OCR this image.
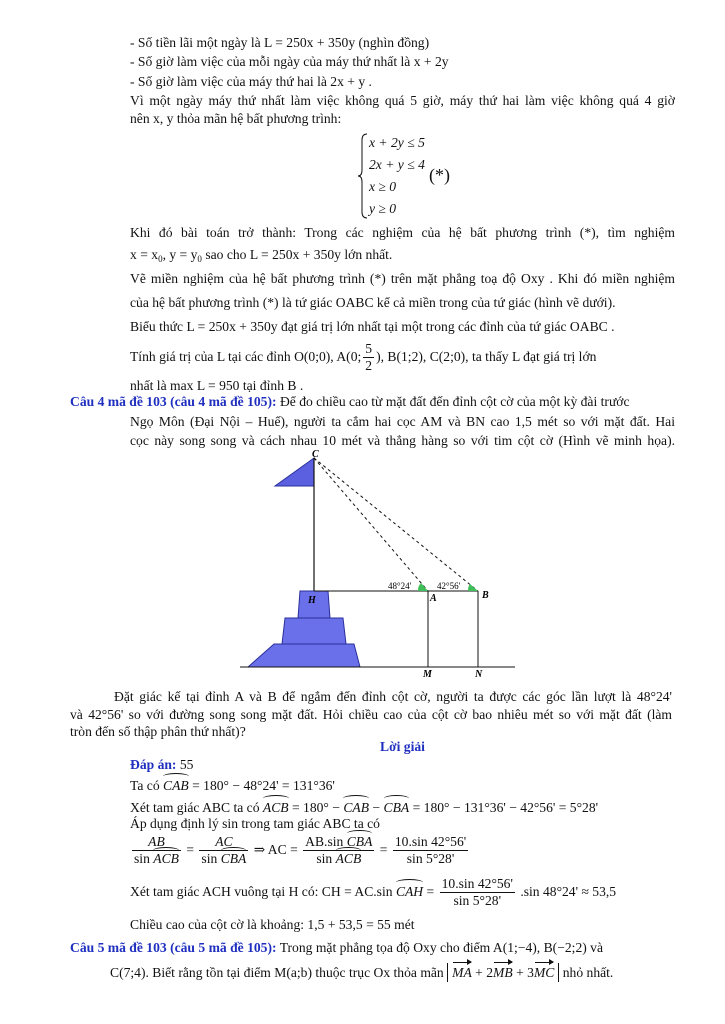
- Số tiền lãi một ngày là L = 250x + 350y (nghìn đồng)
- Số giờ làm việc của mỗi ngày của máy thứ nhất là x + 2y
- Số giờ làm việc của máy thứ hai là 2x + y .
Vì một ngày máy thứ nhất làm việc không quá 5 giờ, máy thứ hai làm việc không quá 4 giờ
nên x, y thỏa mãn hệ bất phương trình:
x + 2y ≤ 5
2x + y ≤ 4
x ≥ 0
y ≥ 0
(*)
Khi đó bài toán trở thành: Trong các nghiệm của hệ bất phương trình (*), tìm nghiệm
$x = x_0$, $y = y_0$ sao cho L = 250x + 350y lớn nhất.
Vẽ miền nghiệm của hệ bất phương trình (*) trên mặt phẳng toạ độ Oxy . Khi đó miền nghiệm
của hệ bất phương trình (*) là tứ giác OABC kể cả miền trong của tứ giác (hình vẽ dưới).
Biểu thức L = 250x + 350y đạt giá trị lớn nhất tại một trong các đỉnh của tứ giác OABC .
Tính giá trị của L tại các đỉnh O(0;0), A(0; $\frac{5}{2}$ ), B(1;2), C(2;0), ta thấy L đạt giá trị lớn
nhất là max L = 950 tại đỉnh B .
Câu 4 mã đề 103 (câu 4 mã đề 105): Để đo chiều cao từ mặt đất đến đỉnh cột cờ của một kỳ đài trước
Ngọ Môn (Đại Nội – Huế), người ta cắm hai cọc AM và BN cao 1,5 mét so với mặt đất. Hai
cọc này song song và cách nhau 10 mét và thẳng hàng so với tim cột cờ (Hình vẽ minh họa).
C
H	A	B
M	N
48°24'	42°56'
Đặt giác kế tại đỉnh A và B để ngắm đến đỉnh cột cờ, người ta được các góc lần lượt là 48°24'
và 42°56' so với đường song song mặt đất. Hỏi chiều cao của cột cờ bao nhiêu mét so với mặt đất (làm
tròn đến số thập phân thứ nhất)?
Lời giải
Đáp án: 55
Ta có CAB = 180° − 48°24' = 131°36'
Xét tam giác ABC ta có ACB = 180° − CAB − CBA = 180° − 131°36' − 42°56' = 5°28'
Áp dụng định lý sin trong tam giác ABC ta có
$\frac{AB}{\text{sin ACB}} = \frac{AC}{\text{sin CBA}}$ ⇒ AC = $\frac{\text{AB.sin CBA}}{\text{sin ACB}} = \frac{10.\sin 42^\circ 56'}{\sin 5^\circ 28'}$
Xét tam giác ACH vuông tại H có: CH = AC.sin CAH = $\frac{10.\sin 42^\circ 56'}{\sin 5^\circ 28'} .\sin$ 48°24' ≈ 53,5
Chiều cao của cột cờ là khoảng: 1,5 + 53,5 = 55 mét
Câu 5 mã đề 103 (câu 5 mã đề 105): Trong mặt phẳng tọa độ Oxy cho điểm A(1;−4), B(−2;2) và
C(7;4). Biết rằng tồn tại điểm M(a;b) thuộc trục Ox thỏa mãn MA + 2MB + 3MC nhỏ nhất.
